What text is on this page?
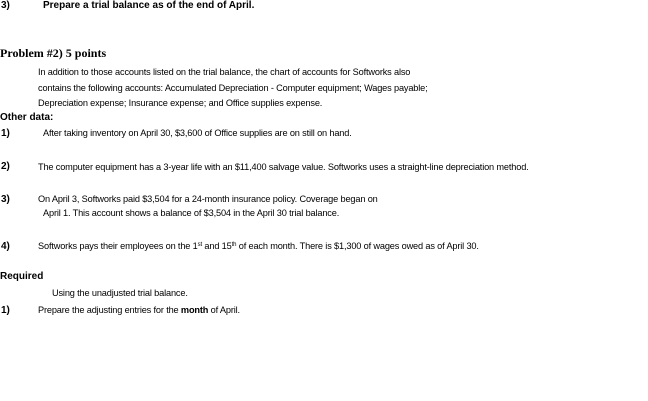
3)	Prepare a trial balance as of the end of April.
Problem #2) 5 points
In addition to those accounts listed on the trial balance, the chart of accounts for Softworks also
contains the following accounts: Accumulated Depreciation - Computer equipment; Wages payable;
Depreciation expense; Insurance expense; and Office supplies expense.
Other data:
1)	After taking inventory on April 30, $3,600 of Office supplies are on still on hand.
2)	The computer equipment has a 3-year life with an $11,400 salvage value. Softworks uses a straight-line depreciation method.
3)	On April 3, Softworks paid $3,504 for a 24-month insurance policy. Coverage began on
April 1. This account shows a balance of $3,504 in the April 30 trial balance.
4)	Softworks pays their employees on the 1st and 15th of each month. There is $1,300 of wages owed as of April 30.
Required
Using the unadjusted trial balance.
1)	Prepare the adjusting entries for the month of April.
